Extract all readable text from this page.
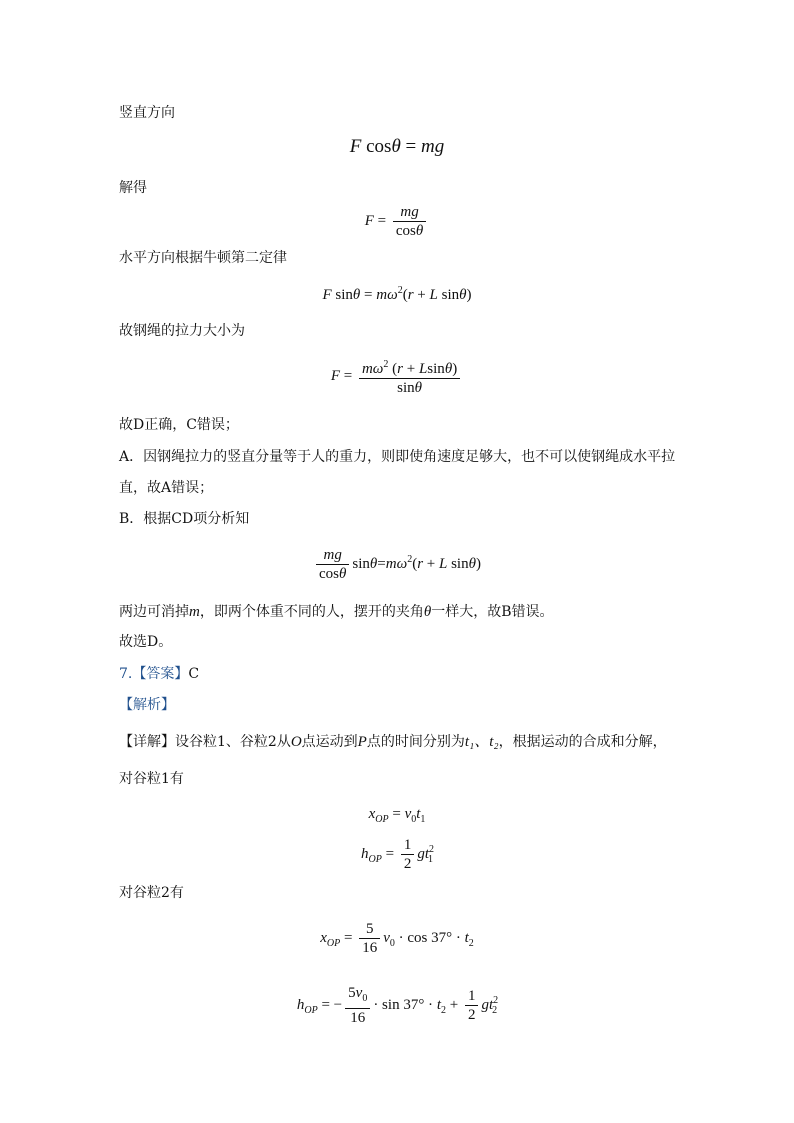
竖直方向
F cosθ = mg
解得
$F = \frac{mg}{\cos\theta}$
水平方向根据牛顿第二定律
F $\sin\theta = m\omega^2(r + L$ sinθ)
故钢绳的拉力大小为
$F = \frac{m\omega^2 (r + Lsin\theta)}{\sin\theta}$
故D正确，C错误；
A．因钢绳拉力的竖直分量等于人的重力，则即使角速度足够大，也不可以使钢绳成水平拉
直，故A错误；
B．根据CD项分析知
$\frac{mg}{\cos\theta} \sin\theta=m\omega^2(r + L$ sinθ)
两边可消掉m，即两个体重不同的人，摆开的夹角θ一样大，故B错误。
故选D。
7.【答案】C
【解析】
【详解】设谷粒1、谷粒2从O点运动到P点的时间分别为t₁、t₂，根据运动的合成和分解，
对谷粒1有
$x_{OP} = v_0t_1$
$h_{OP} = \frac{1}{2} gt^2_1$
对谷粒2有
$x_{OP} = \frac{5}{16} v_0 \cdot \cos 37^\circ \cdot t_2$
$h_{OP}$ = − $\frac{5v_0}{16} \cdot \sin 37^\circ \cdot t_2 + \frac{1}{2} gt^2_2$
